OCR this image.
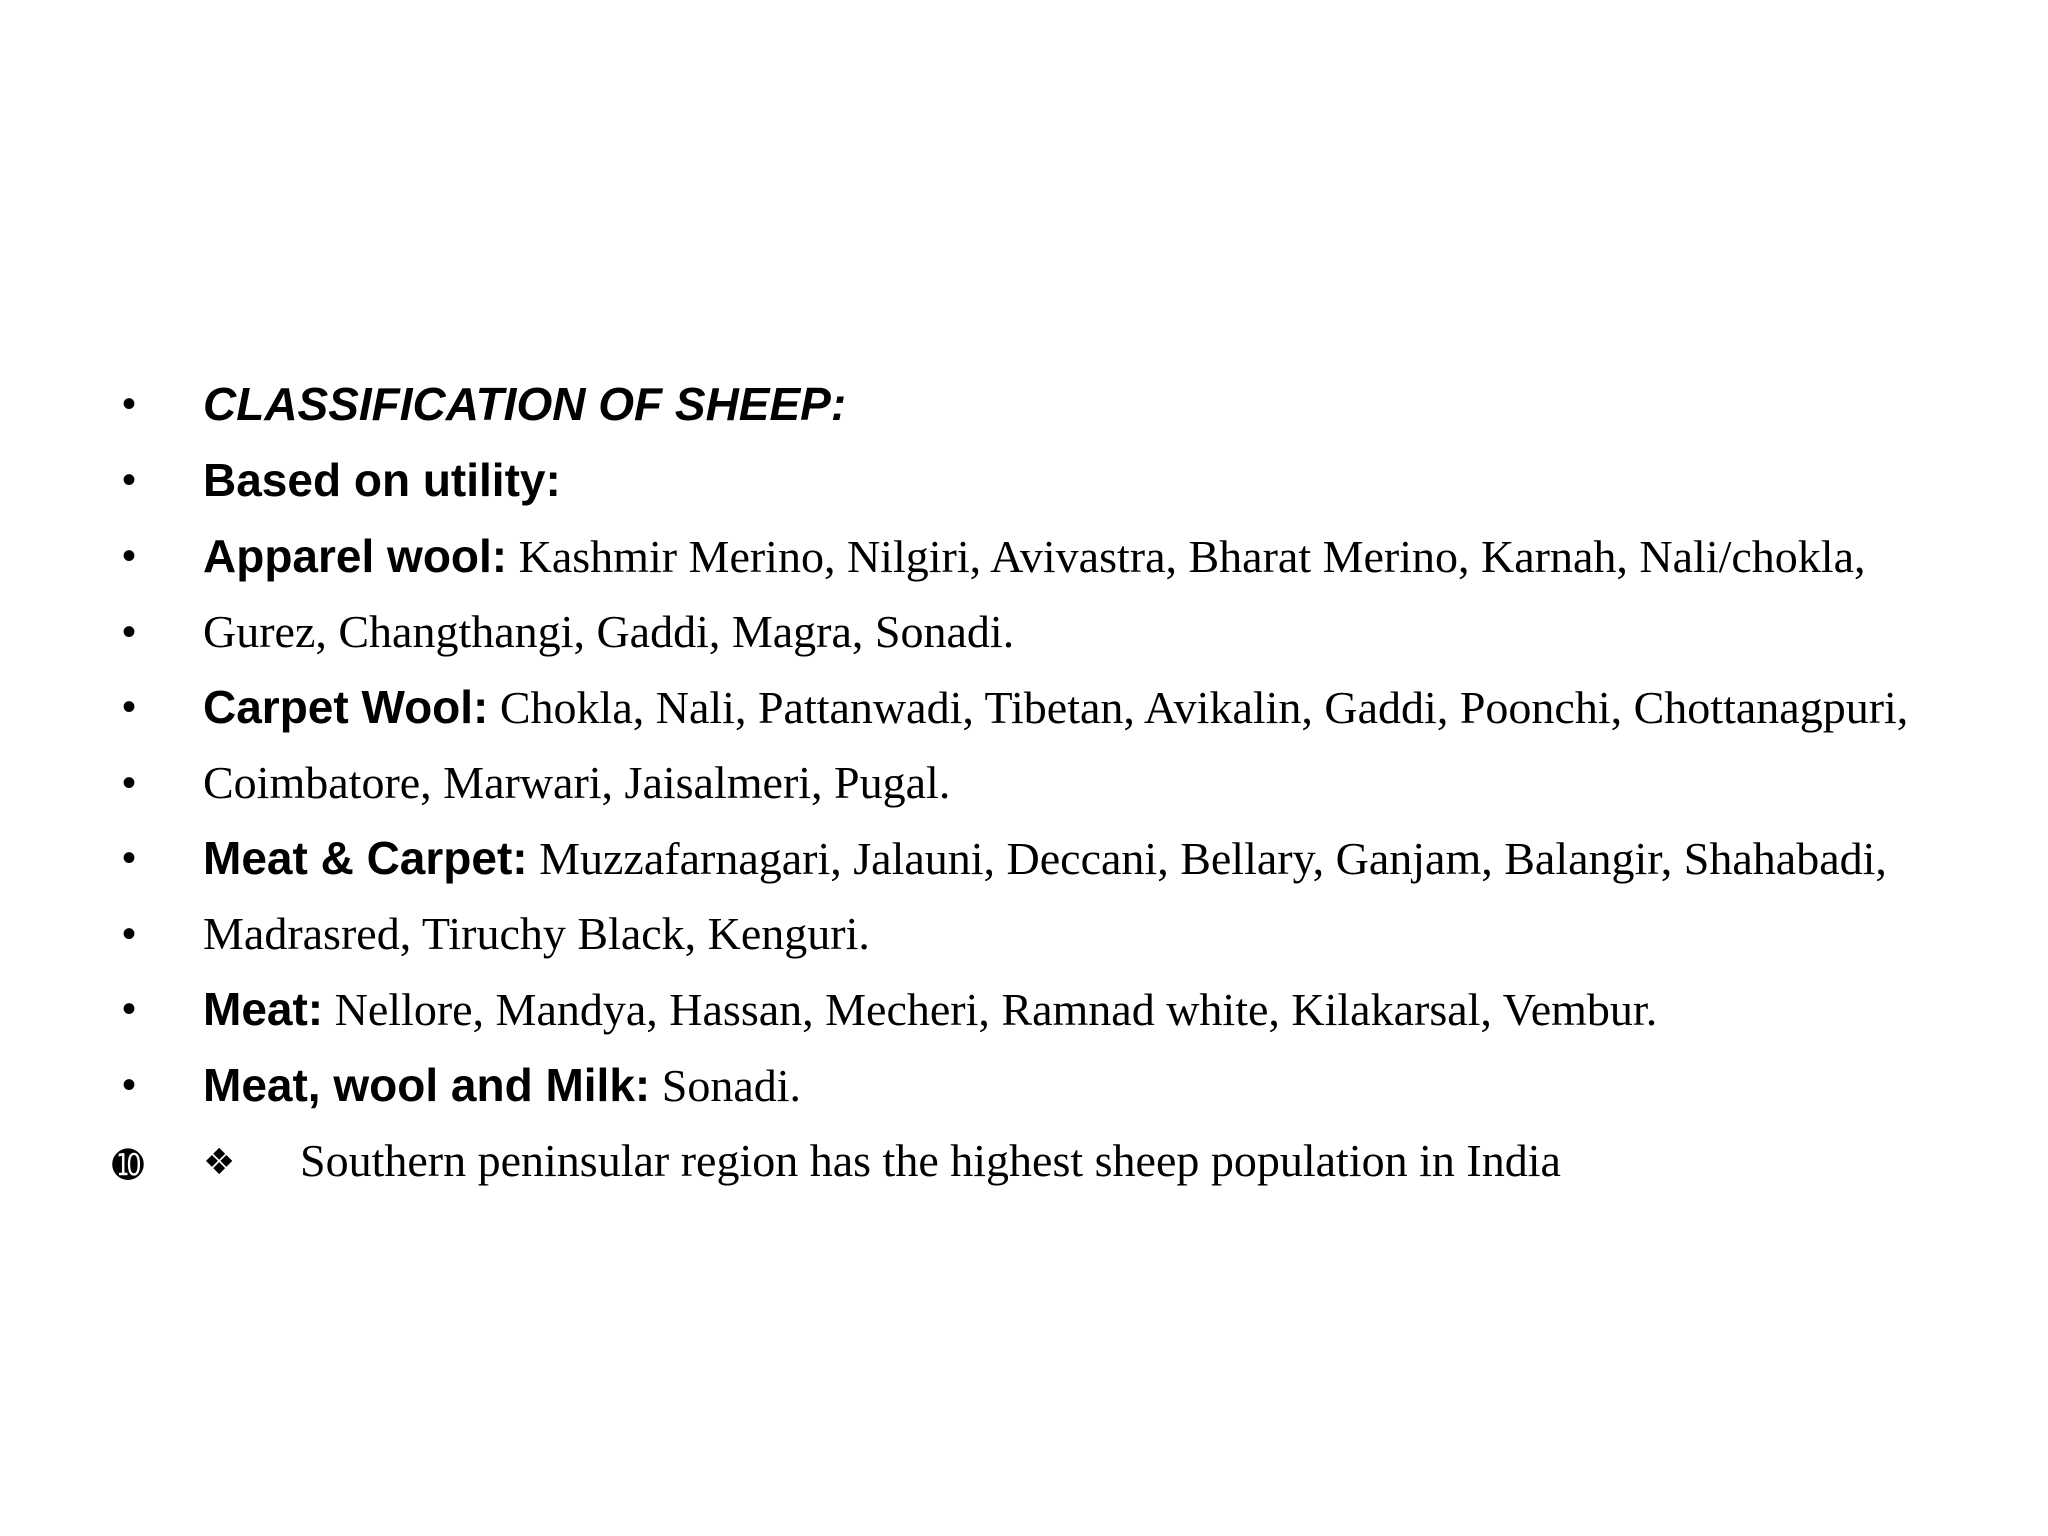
•	CLASSIFICATION OF SHEEP:
•	Based on utility:
•	Apparel wool: Kashmir Merino, Nilgiri, Avivastra, Bharat Merino, Karnah, Nali/chokla,
•	Gurez, Changthangi, Gaddi, Magra, Sonadi.
•	Carpet Wool: Chokla, Nali, Pattanwadi, Tibetan, Avikalin, Gaddi, Poonchi, Chottanagpuri,
•	Coimbatore, Marwari, Jaisalmeri, Pugal.
•	Meat & Carpet: Muzzafarnagari, Jalauni, Deccani, Bellary, Ganjam, Balangir, Shahabadi,
•	Madrasred, Tiruchy Black, Kenguri.
•	Meat: Nellore, Mandya, Hassan, Mecheri, Ramnad white, Kilakarsal, Vembur.
•	Meat, wool and Milk: Sonadi.
➓ ❖	Southern peninsular region has the highest sheep population in India
